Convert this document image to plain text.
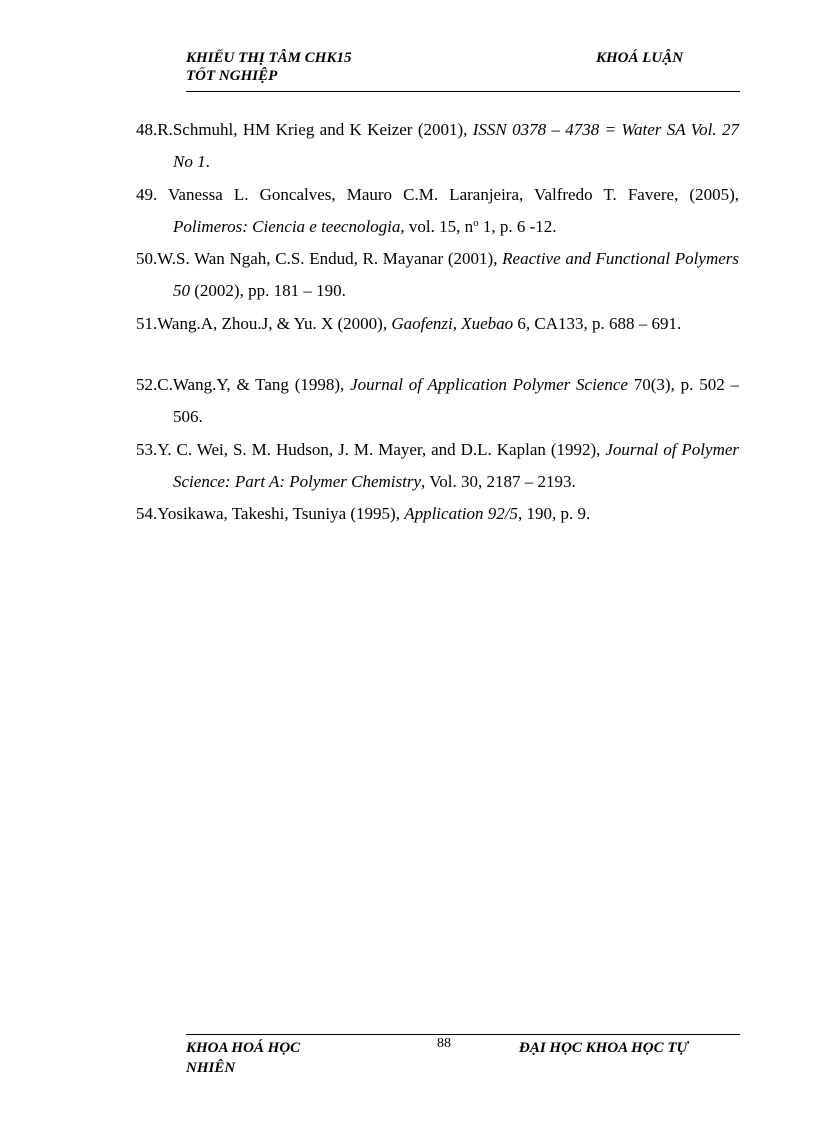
KHIẾU THỊ TÂM CHK15
TỐT NGHIỆP
KHOÁ LUẬN

48.R.Schmuhl, HM Krieg and K Keizer (2001), ISSN 0378 – 4738 = Water SA Vol. 27 No 1.

49. Vanessa L. Goncalves, Mauro C.M. Laranjeira, Valfredo T. Favere, (2005), Polimeros: Ciencia e teecnologia, vol. 15, $n^o$ 1, p. 6 -12.

50.W.S. Wan Ngah, C.S. Endud, R. Mayanar (2001), Reactive and Functional Polymers 50 (2002), pp. 181 – 190.

51.Wang.A, Zhou.J, & Yu. X (2000), Gaofenzi, Xuebao 6, CA133, p. 688 – 691.

52.C.Wang.Y, & Tang (1998), Journal of Application Polymer Science 70(3), p. 502 – 506.

53.Y. C. Wei, S. M. Hudson, J. M. Mayer, and D.L. Kaplan (1992), Journal of Polymer Science: Part A: Polymer Chemistry, Vol. 30, 2187 – 2193.

54.Yosikawa, Takeshi, Tsuniya (1995), Application 92/5, 190, p. 9.

KHOA HOÁ HỌC
NHIÊN
88	ĐẠI HỌC KHOA HỌC TỰ
